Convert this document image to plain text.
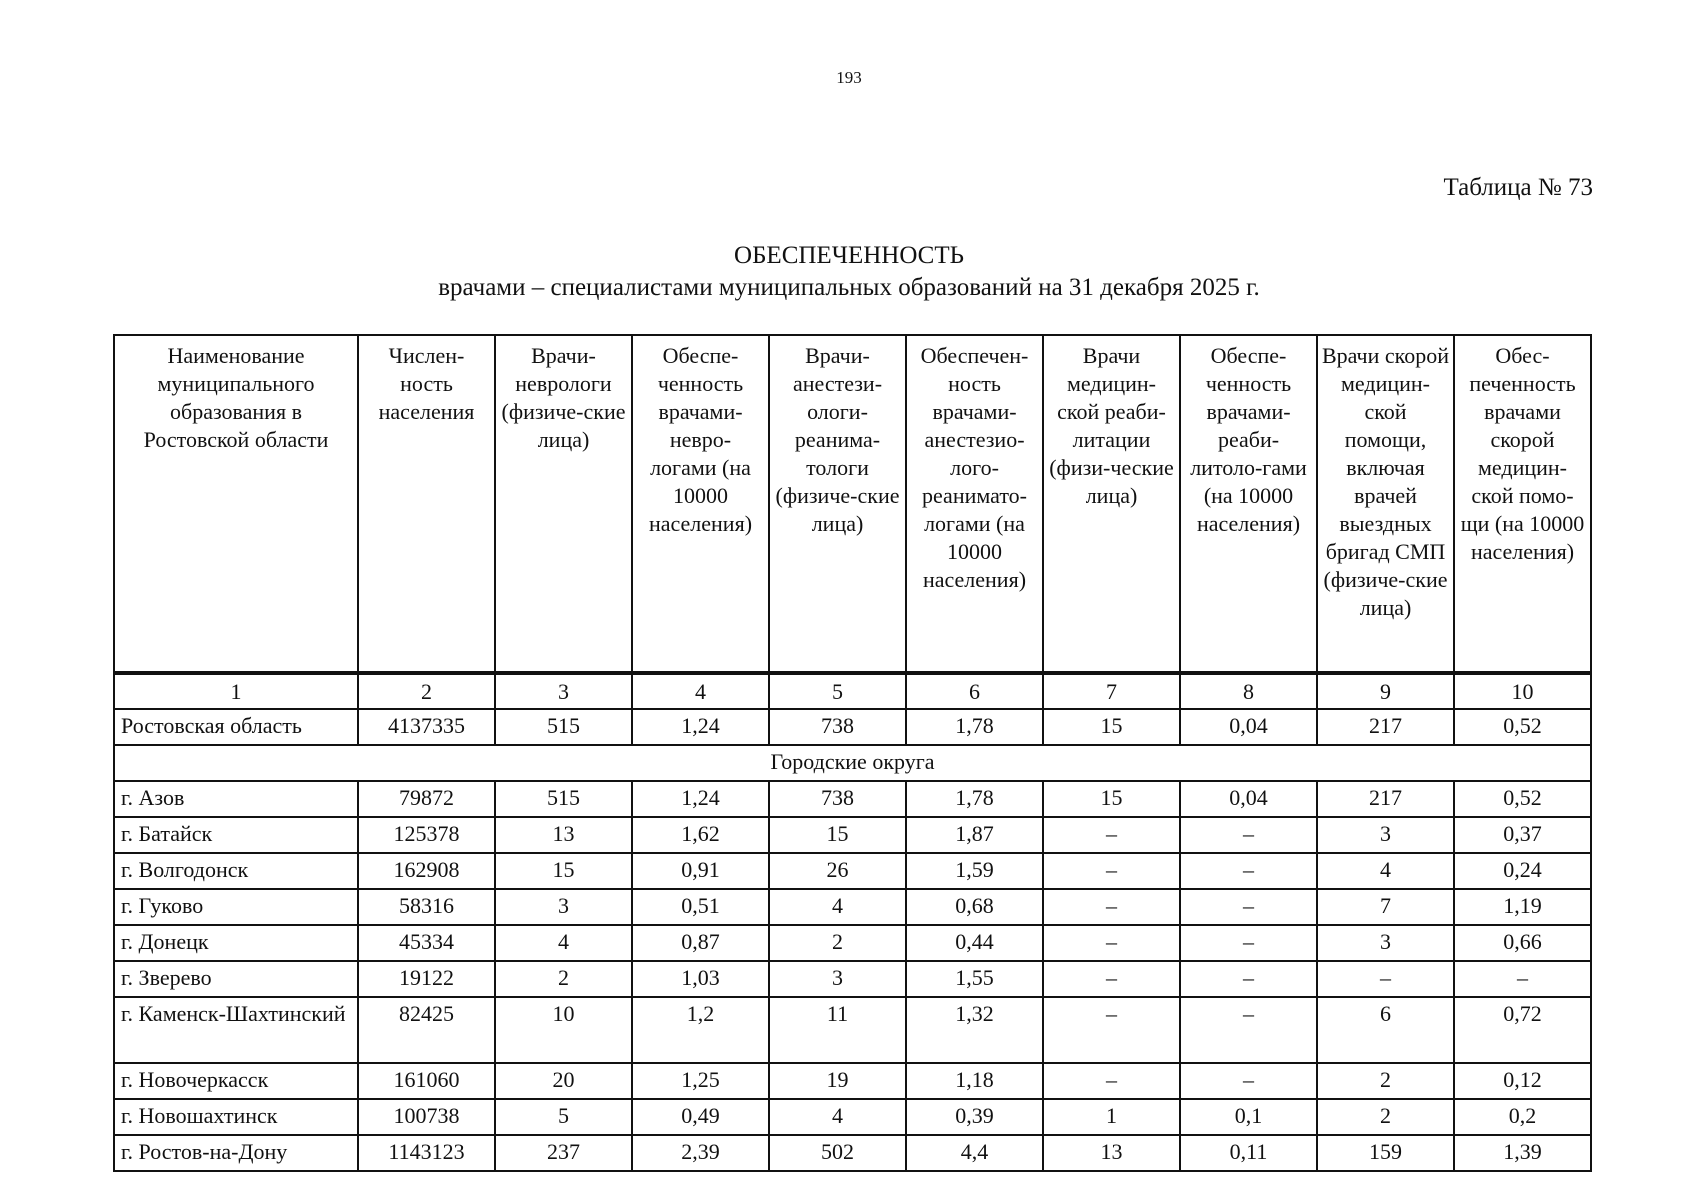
193
Таблица № 73
ОБЕСПЕЧЕННОСТЬ
врачами – специалистами муниципальных образований на 31 декабря 2025 г.
Наименование муниципального образования в Ростовской области	Числен-ность населения	Врачи-неврологи (физиче-ские лица)	Обеспе-ченность врачами-невро-логами (на 10000 населения)	Врачи-анестези-ологи-реанима-тологи (физиче-ские лица)	Обеспечен-ность врачами-анестезио-лого-реанимато-логами (на 10000 населения)	Врачи медицин-ской реаби-литации (физи-ческие лица)	Обеспе-ченность врачами-реаби-литоло-гами (на 10000 населения)	Врачи скорой медицин-ской помощи, включая врачей выездных бригад СМП (физиче-ские лица)	Обес-печенность врачами скорой медицин-ской помо-щи (на 10000 населения)
1	2	3	4	5	6	7	8	9	10
Ростовская область	4137335	515	1,24	738	1,78	15	0,04	217	0,52
Городские округа									
г. Азов	79872	515	1,24	738	1,78	15	0,04	217	0,52
г. Батайск	125378	13	1,62	15	1,87	–	–	3	0,37
г. Волгодонск	162908	15	0,91	26	1,59	–	–	4	0,24
г. Гуково	58316	3	0,51	4	0,68	–	–	7	1,19
г. Донецк	45334	4	0,87	2	0,44	–	–	3	0,66
г. Зверево	19122	2	1,03	3	1,55	–	–	–	–
г. Каменск-Шахтинский	82425	10	1,2	11	1,32	–	–	6	0,72
г. Новочеркасск	161060	20	1,25	19	1,18	–	–	2	0,12
г. Новошахтинск	100738	5	0,49	4	0,39	1	0,1	2	0,2
г. Ростов-на-Дону	1143123	237	2,39	502	4,4	13	0,11	159	1,39
